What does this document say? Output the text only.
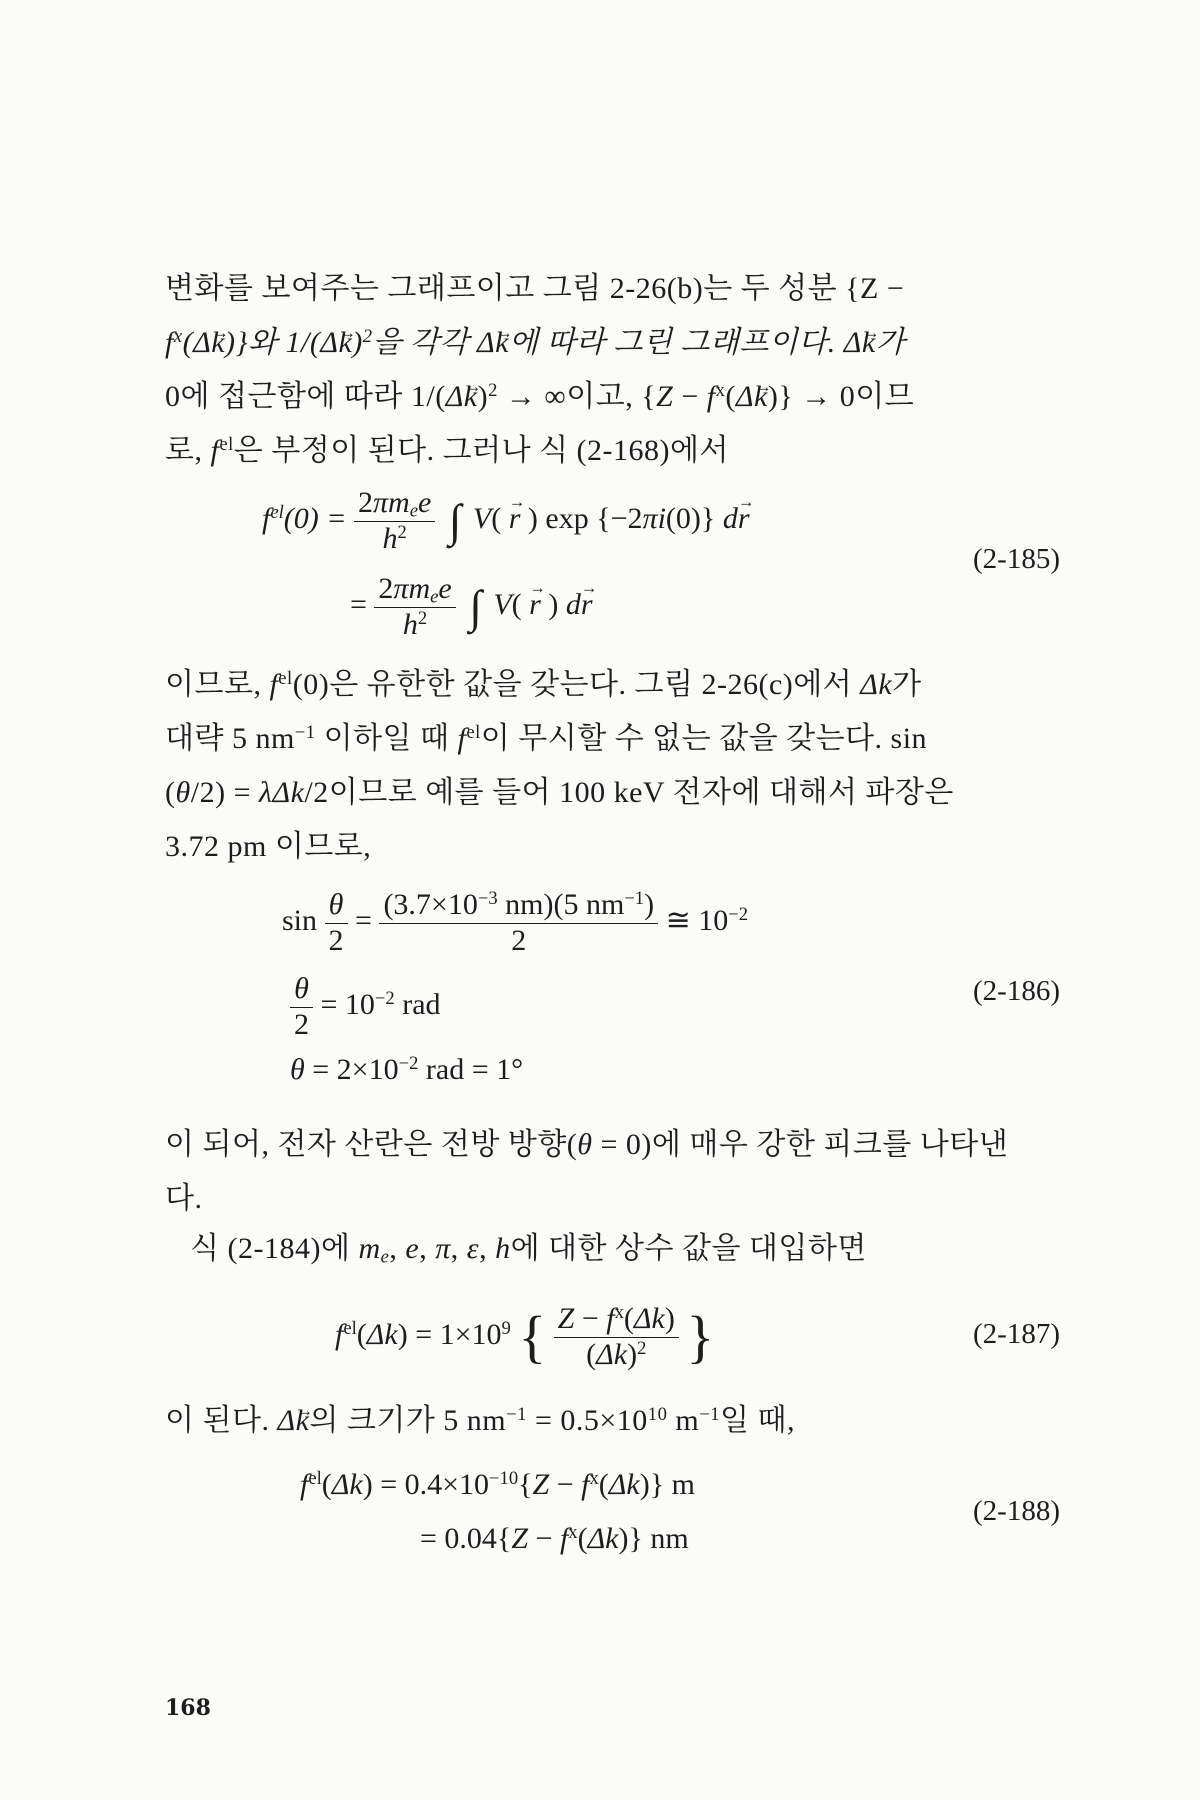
변화를 보여주는 그래프이고 그림 2-26(b)는 두 성분 {Z −
$f^x(\Delta k$ →)}와 $1/(\Delta k \to)^2$을 각각 Δk →에 따라 그린 그래프이다. Δk →가
0에 접근함에 따라 $1/(\Delta k \to)^2$ → ∞이고, {$Z - f^x(\Delta k$ →)} → 0이므
로, $f^{el}$은 부정이 된다. 그러나 식 (2-168)에서
$f^{el}(0) = \frac{2\pi m_ee}{h^2}$ ∫ V( r → ) exp {−2πi(0)} dr →
= $\frac{2\pi m_ee}{h^2}$ ∫ V( r → ) dr →
(2-185)
이므로, $f^{el}(0)$은 유한한 값을 갖는다. 그림 2-26(c)에서 Δk가
대략 5 $nm^{-1}$ 이하일 때 $f^{el}$이 무시할 수 없는 값을 갖는다. sin
(θ/2) = λΔk/2이므로 예를 들어 100 keV 전자에 대해서 파장은
3.72 pm 이므로,
$\sin \frac{\theta}{2} = \frac{(3.7\times 10^{-3} nm)(5 nm^{-1})}{2}$ ≅ $10^{-2}$
$\frac{\theta}{2} = 10^{-2}$ rad
$\theta = 2\times 10^{-2}$ rad = 1°
(2-186)
이 되어, 전자 산란은 전방 방향(θ = 0)에 매우 강한 피크를 나타낸
다.
식 (2-184)에 $m_e$, e, π, ε, h에 대한 상수 값을 대입하면
$f^{el}(\Delta k) = 1\times 10^9$ { $\frac{Z - f^x(\Delta k)}{(\Delta k)^2}$ }	(2-187)
이 된다. Δk →의 크기가 5 $nm^{-1} = 0.5\times 10^{10}$ $m^{-1}$일 때,
$f^{el}(\Delta k) = 0.4\times 10^{-10}\{Z - f^x(\Delta k)\}$ m
= $0.04\{Z - f^x(\Delta k)\}$ nm
(2-188)
168
